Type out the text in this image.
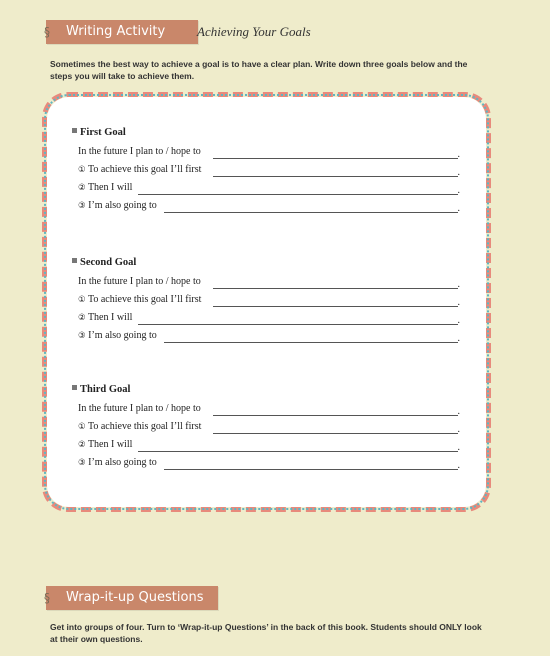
§	Writing Activity	Achieving Your Goals
Sometimes the best way to achieve a goal is to have a clear plan. Write down three goals below and the steps you will take to achieve them.
First Goal
In the future I plan to / hope to	.
① To achieve this goal I’ll first	.
② Then I will	.
③ I’m also going to	.
Second Goal
In the future I plan to / hope to	.
① To achieve this goal I’ll first	.
② Then I will	.
③ I’m also going to	.
Third Goal
In the future I plan to / hope to	.
① To achieve this goal I’ll first	.
② Then I will	.
③ I’m also going to	.
§	Wrap-it-up Questions
Get into groups of four. Turn to ‘Wrap-it-up Questions’ in the back of this book. Students should ONLY look at their own questions.
